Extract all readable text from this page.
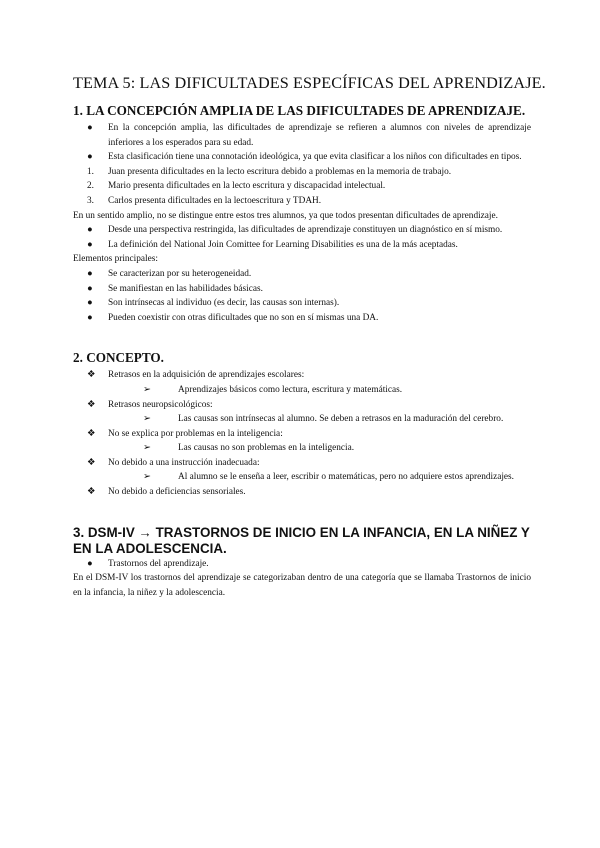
TEMA 5: LAS DIFICULTADES ESPECÍFICAS DEL APRENDIZAJE.
1. LA CONCEPCIÓN AMPLIA DE LAS DIFICULTADES DE APRENDIZAJE.
● En la concepción amplia, las dificultades de aprendizaje se refieren a alumnos con niveles de aprendizaje inferiores a los esperados para su edad.
● Esta clasificación tiene una connotación ideológica, ya que evita clasificar a los niños con dificultades en tipos.
1. Juan presenta dificultades en la lecto escritura debido a problemas en la memoria de trabajo.
2. Mario presenta dificultades en la lecto escritura y discapacidad intelectual.
3. Carlos presenta dificultades en la lectoescritura y TDAH.

En un sentido amplio, no se distingue entre estos tres alumnos, ya que todos presentan dificultades de aprendizaje.

● Desde una perspectiva restringida, las dificultades de aprendizaje constituyen un diagnóstico en sí mismo.
● La definición del National Join Comittee for Learning Disabilities es una de la más aceptadas.

Elementos principales:

● Se caracterizan por su heterogeneidad.
● Se manifiestan en las habilidades básicas.
● Son intrínsecas al individuo (es decir, las causas son internas).
● Pueden coexistir con otras dificultades que no son en sí mismas una DA.
2. CONCEPTO.
❖ Retrasos en la adquisición de aprendizajes escolares:
➢	Aprendizajes básicos como lectura, escritura y matemáticas.
❖ Retrasos neuropsicológicos:
➢	Las causas son intrínsecas al alumno. Se deben a retrasos en la maduración del cerebro.
❖ No se explica por problemas en la inteligencia:
➢	Las causas no son problemas en la inteligencia.
❖ No debido a una instrucción inadecuada:
➢	Al alumno se le enseña a leer, escribir o matemáticas, pero no adquiere estos aprendizajes.
❖ No debido a deficiencias sensoriales.
3. DSM-IV → TRASTORNOS DE INICIO EN LA INFANCIA, EN LA NIÑEZ Y
EN LA ADOLESCENCIA.
● Trastornos del aprendizaje.

En el DSM-IV los trastornos del aprendizaje se categorizaban dentro de una categoría que se llamaba Trastornos de inicio en la infancia, la niñez y la adolescencia.
